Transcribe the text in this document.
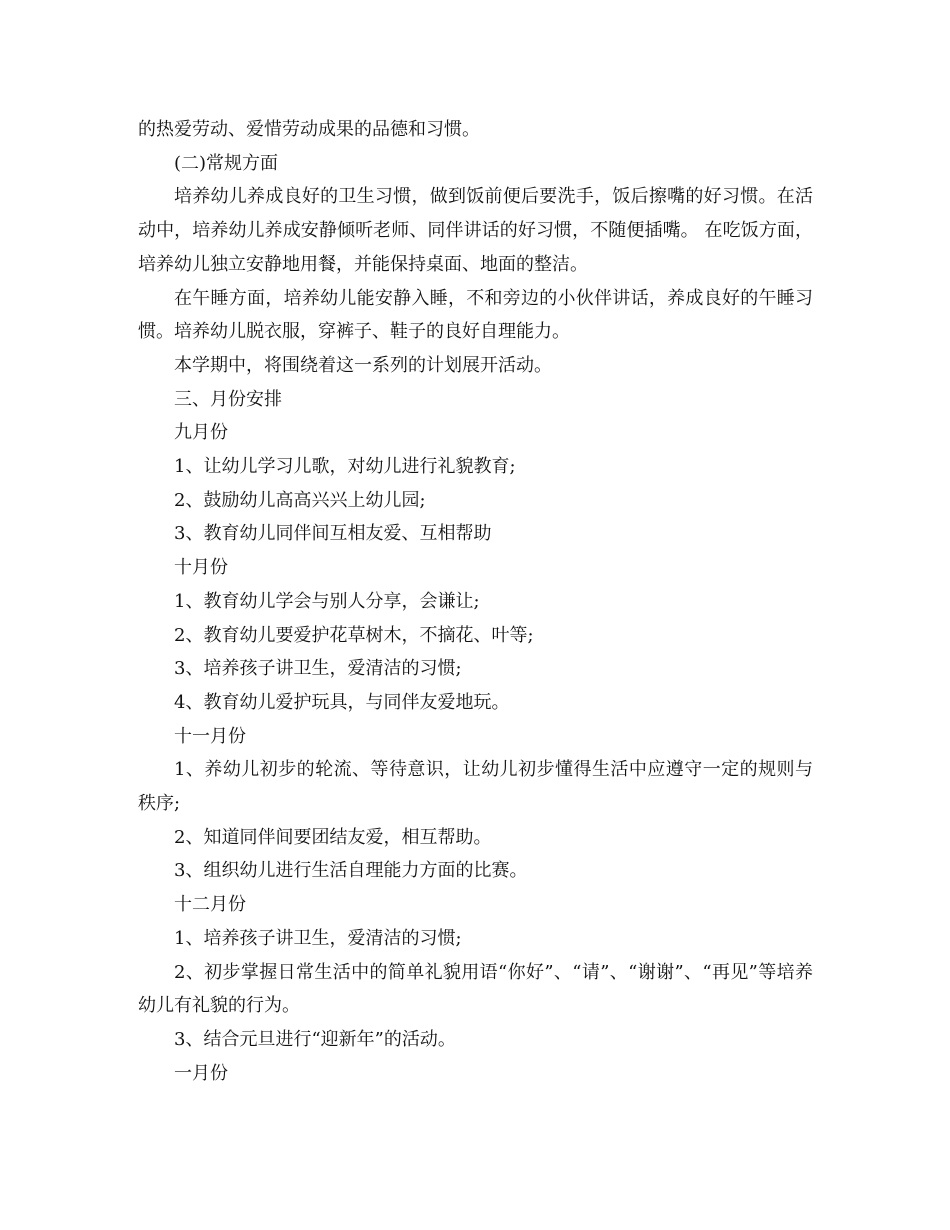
的热爱劳动、爱惜劳动成果的品德和习惯。

(二)常规方面

培养幼儿养成良好的卫生习惯，做到饭前便后要洗手，饭后擦嘴的好习惯。在活动中，培养幼儿养成安静倾听老师、同伴讲话的好习惯，不随便插嘴。 在吃饭方面，培养幼儿独立安静地用餐，并能保持桌面、地面的整洁。

在午睡方面，培养幼儿能安静入睡，不和旁边的小伙伴讲话，养成良好的午睡习惯。培养幼儿脱衣服，穿裤子、鞋子的良好自理能力。

本学期中，将围绕着这一系列的计划展开活动。

三、月份安排

九月份

1、让幼儿学习儿歌，对幼儿进行礼貌教育;

2、鼓励幼儿高高兴兴上幼儿园;

3、教育幼儿同伴间互相友爱、互相帮助

十月份

1、教育幼儿学会与别人分享，会谦让;

2、教育幼儿要爱护花草树木，不摘花、叶等;

3、培养孩子讲卫生，爱清洁的习惯;

4、教育幼儿爱护玩具，与同伴友爱地玩。

十一月份

1、养幼儿初步的轮流、等待意识，让幼儿初步懂得生活中应遵守一定的规则与秩序;

2、知道同伴间要团结友爱，相互帮助。

3、组织幼儿进行生活自理能力方面的比赛。

十二月份

1、培养孩子讲卫生，爱清洁的习惯;

2、初步掌握日常生活中的简单礼貌用语“你好”、“请”、“谢谢”、“再见”等培养幼儿有礼貌的行为。

3、结合元旦进行“迎新年”的活动。

一月份
